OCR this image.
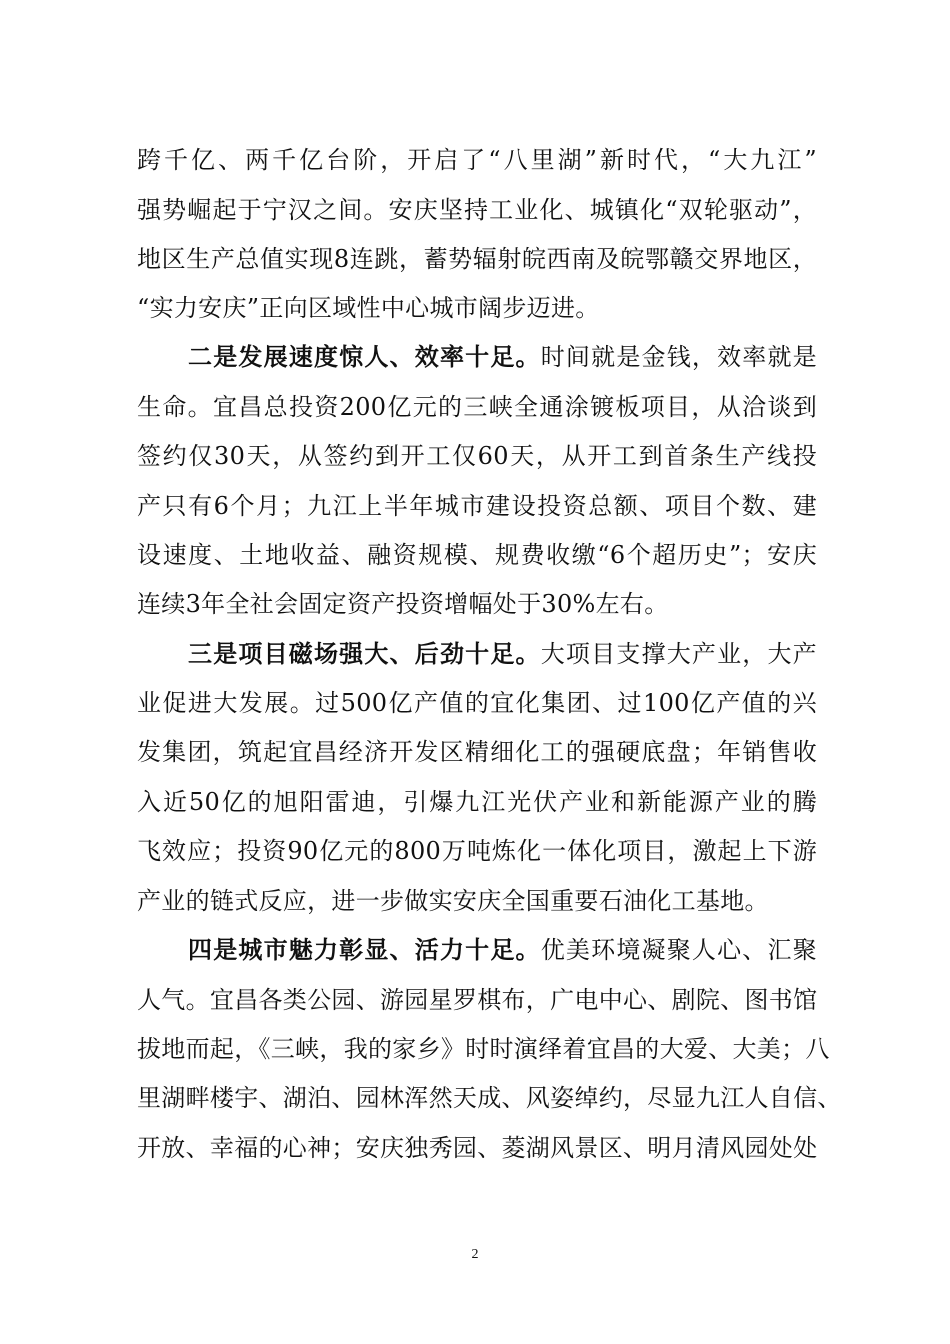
跨千亿、两千亿台阶，开启了“八里湖”新时代，“大九江”
强势崛起于宁汉之间。安庆坚持工业化、城镇化“双轮驱动”，
地区生产总值实现8连跳，蓄势辐射皖西南及皖鄂赣交界地区，
“实力安庆”正向区域性中心城市阔步迈进。
二是发展速度惊人、效率十足。时间就是金钱，效率就是
生命。宜昌总投资200亿元的三峡全通涂镀板项目，从洽谈到
签约仅30天，从签约到开工仅60天，从开工到首条生产线投
产只有6个月；九江上半年城市建设投资总额、项目个数、建
设速度、土地收益、融资规模、规费收缴“6个超历史”；安庆
连续3年全社会固定资产投资增幅处于30%左右。
三是项目磁场强大、后劲十足。大项目支撑大产业，大产
业促进大发展。过500亿产值的宜化集团、过100亿产值的兴
发集团，筑起宜昌经济开发区精细化工的强硬底盘；年销售收
入近50亿的旭阳雷迪，引爆九江光伏产业和新能源产业的腾
飞效应；投资90亿元的800万吨炼化一体化项目，激起上下游
产业的链式反应，进一步做实安庆全国重要石油化工基地。
四是城市魅力彰显、活力十足。优美环境凝聚人心、汇聚
人气。宜昌各类公园、游园星罗棋布，广电中心、剧院、图书馆
拔地而起，《三峡，我的家乡》时时演绎着宜昌的大爱、大美；八
里湖畔楼宇、湖泊、园林浑然天成、风姿绰约，尽显九江人自信、
开放、幸福的心神；安庆独秀园、菱湖风景区、明月清风园处处
2
